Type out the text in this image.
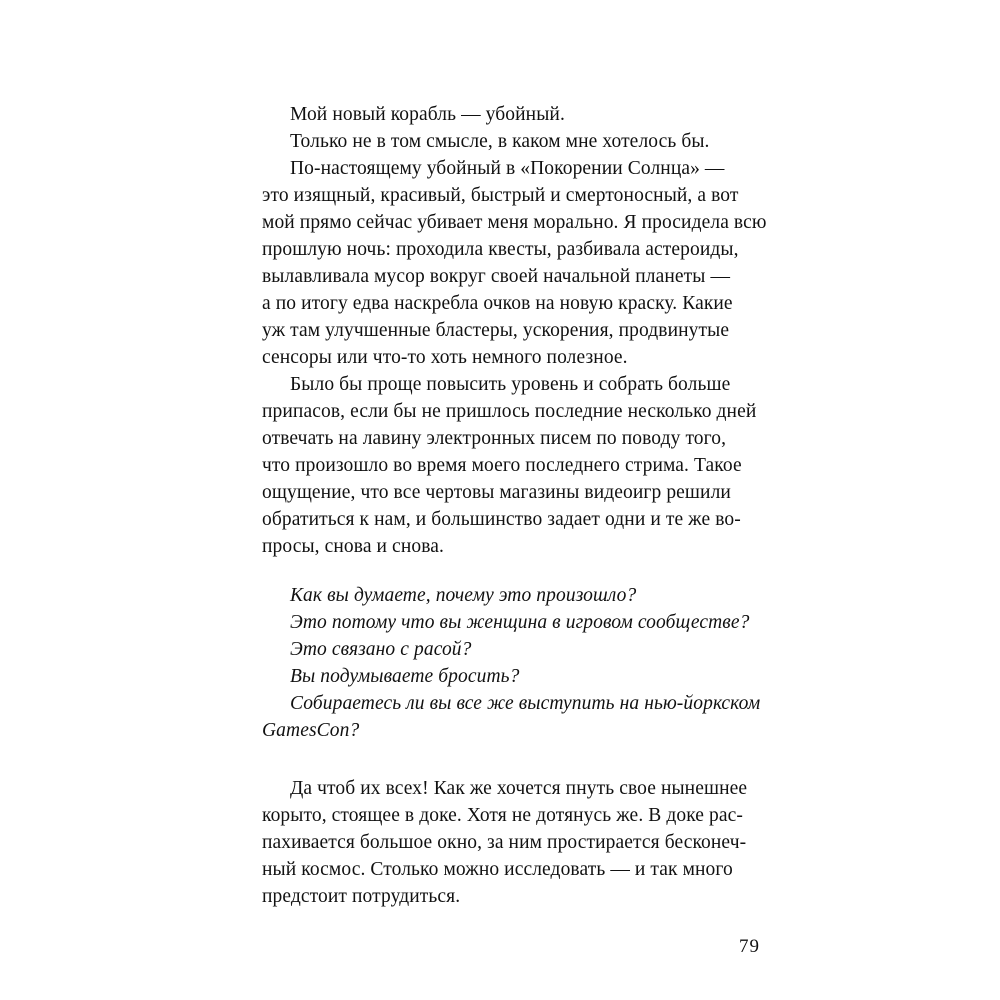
Мой новый корабль — убойный.
Только не в том смысле, в каком мне хотелось бы.
По-настоящему убойный в «Покорении Солнца» —
это изящный, красивый, быстрый и смертоносный, а вот
мой прямо сейчас убивает меня морально. Я просидела всю
прошлую ночь: проходила квесты, разбивала астероиды,
вылавливала мусор вокруг своей начальной планеты —
а по итогу едва наскребла очков на новую краску. Какие
уж там улучшенные бластеры, ускорения, продвинутые
сенсоры или что-то хоть немного полезное.
Было бы проще повысить уровень и собрать больше
припасов, если бы не пришлось последние несколько дней
отвечать на лавину электронных писем по поводу того,
что произошло во время моего последнего стрима. Такое
ощущение, что все чертовы магазины видеоигр решили
обратиться к нам, и большинство задает одни и те же во-
просы, снова и снова.
Как вы думаете, почему это произошло?
Это потому что вы женщина в игровом сообществе?
Это связано с расой?
Вы подумываете бросить?
Собираетесь ли вы все же выступить на нью-йоркском
GamesCon?
Да чтоб их всех! Как же хочется пнуть свое нынешнее
корыто, стоящее в доке. Хотя не дотянусь же. В доке рас-
пахивается большое окно, за ним простирается бесконеч-
ный космос. Столько можно исследовать — и так много
предстоит потрудиться.
79
